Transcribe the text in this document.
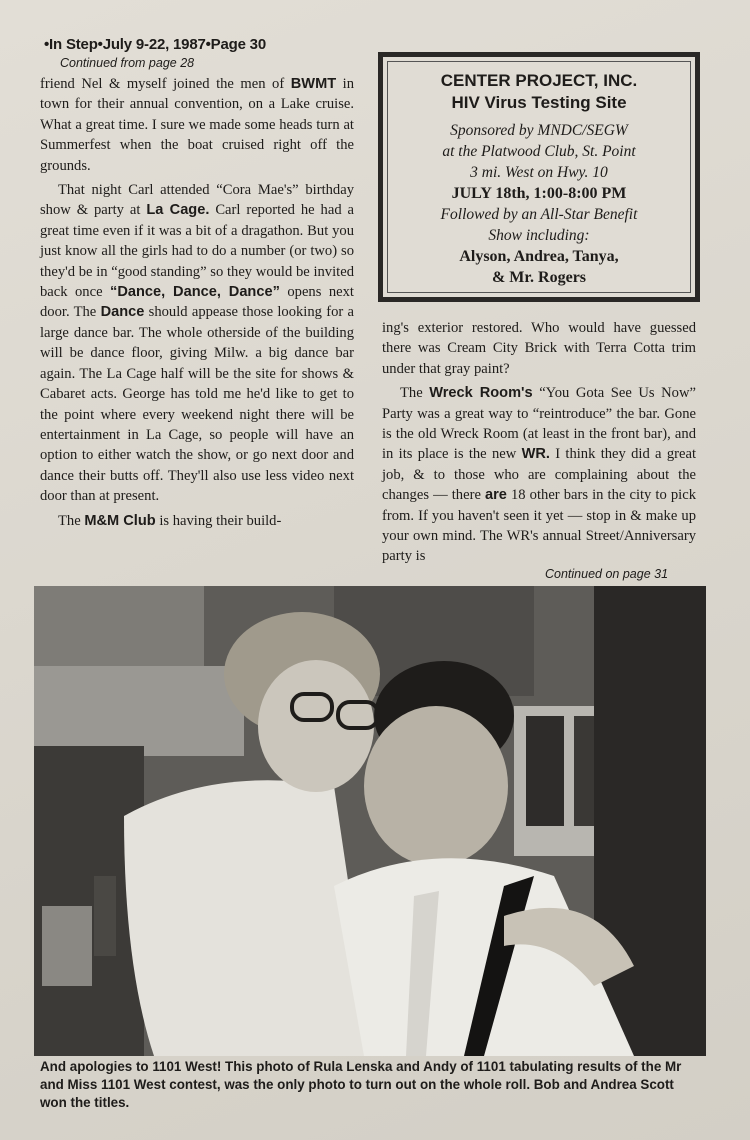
•In Step•July 9-22, 1987•Page 30
Continued from page 28

friend Nel & myself joined the men of BWMT in town for their annual convention, on a Lake cruise. What a great time. I sure we made some heads turn at Summerfest when the boat cruised right off the grounds.

That night Carl attended “Cora Mae's” birthday show & party at La Cage. Carl reported he had a great time even if it was a bit of a dragathon. But you just know all the girls had to do a number (or two) so they'd be in “good standing” so they would be invited back once “Dance, Dance, Dance” opens next door. The Dance should appease those looking for a large dance bar. The whole otherside of the building will be dance floor, giving Milw. a big dance bar again. The La Cage half will be the site for shows & Cabaret acts. George has told me he'd like to get to the point where every weekend night there will be entertainment in La Cage, so people will have an option to either watch the show, or go next door and dance their butts off. They'll also use less video next door than at present.

The M&M Club is having their build-

CENTER PROJECT, INC.
HIV Virus Testing Site
Sponsored by MNDC/SEGW
at the Platwood Club, St. Point
3 mi. West on Hwy. 10
JULY 18th, 1:00-8:00 PM
Followed by an All-Star Benefit
Show including:
Alyson, Andrea, Tanya,
& Mr. Rogers

ing's exterior restored. Who would have guessed there was Cream City Brick with Terra Cotta trim under that gray paint?

The Wreck Room's “You Gota See Us Now” Party was a great way to “reintroduce” the bar. Gone is the old Wreck Room (at least in the front bar), and in its place is the new WR. I think they did a great job, & to those who are complaining about the changes — there are 18 other bars in the city to pick from. If you haven't seen it yet — stop in & make up your own mind. The WR's annual Street/Anniversary party is

Continued on page 31
And apologies to 1101 West! This photo of Rula Lenska and Andy of 1101 tabulating results of the Mr and Miss 1101 West contest, was the only photo to turn out on the whole roll. Bob and Andrea Scott won the titles.
